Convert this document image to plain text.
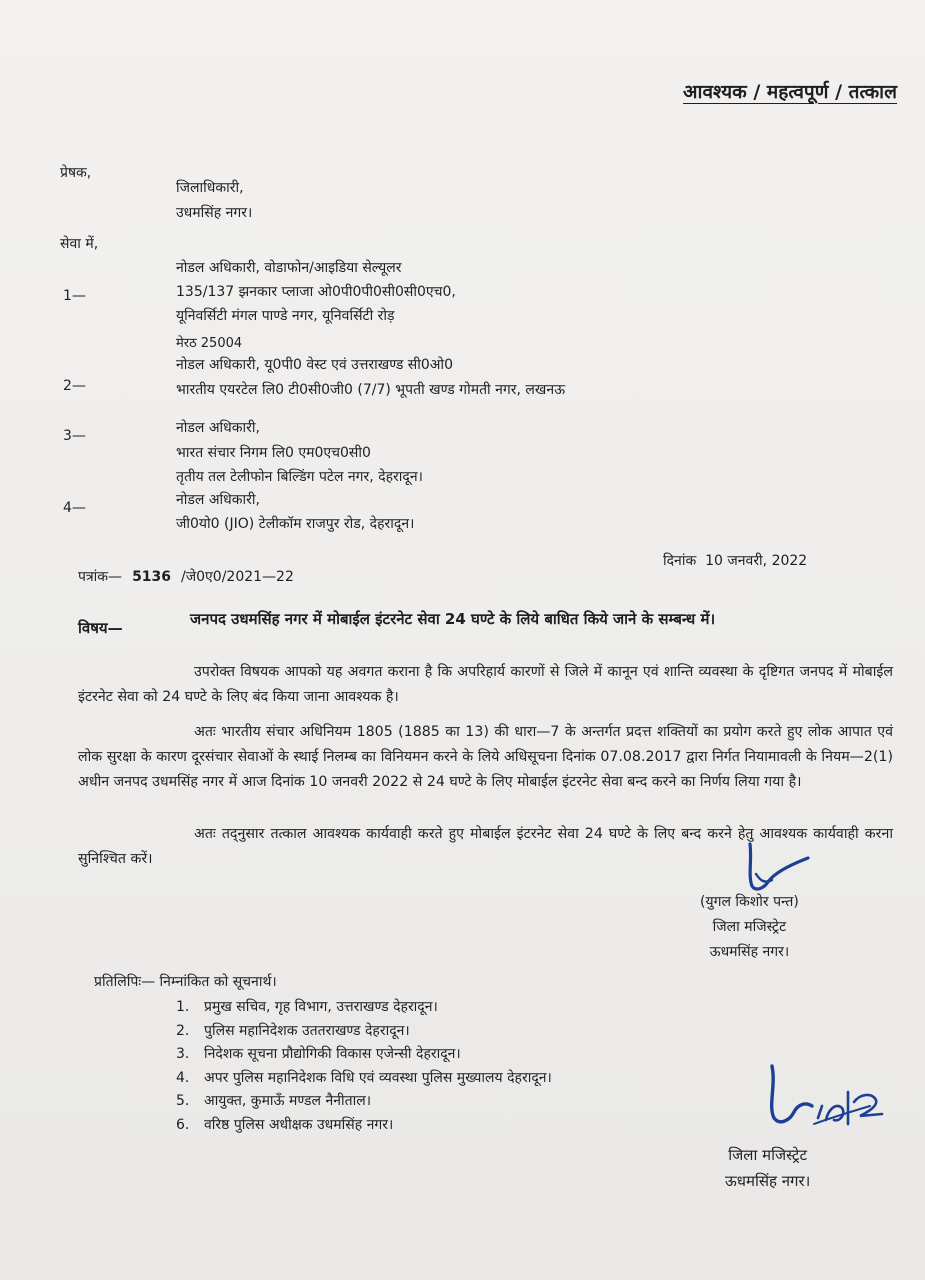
आवश्यक / महत्वपूर्ण / तत्काल
प्रेषक,
जिलाधिकारी,
उधमसिंह नगर।
सेवा में,
1—
नोडल अधिकारी, वोडाफोन/आइडिया सेल्यूलर
135/137 झनकार प्लाजा ओ0पी0पी0सी0सी0एच0,
यूनिवर्सिटी मंगल पाण्डे नगर, यूनिवर्सिटी रोड़
मेरठ 25004
2—
नोडल अधिकारी, यू0पी0 वेस्ट एवं उत्तराखण्ड सी0ओ0
भारतीय एयरटेल लि0 टी0सी0जी0 (7/7) भूपती खण्ड गोमती नगर, लखनऊ
3—	नोडल अधिकारी,
भारत संचार निगम लि0 एम0एच0सी0
तृतीय तल टेलीफोन बिल्डिंग पटेल नगर, देहरादून।
4—	नोडल अधिकारी,
जी0यो0 (JIO) टेलीकॉम राजपुर रोड, देहरादून।
पत्रांक— 5136 /जे0ए0/2021—22
दिनांक 10 जनवरी, 2022
विषय—	जनपद उधमसिंह नगर में मोबाईल इंटरनेट सेवा 24 घण्टे के लिये बाधित किये जाने के सम्बन्ध में।
उपरोक्त विषयक आपको यह अवगत कराना है कि अपरिहार्य कारणों से जिले में कानून एवं शान्ति व्यवस्था के दृष्टिगत जनपद में मोबाईल इंटरनेट सेवा को 24 घण्टे के लिए बंद किया जाना आवश्यक है।
अतः भारतीय संचार अधिनियम 1805 (1885 का 13) की धारा—7 के अन्तर्गत प्रदत्त शक्तियों का प्रयोग करते हुए लोक आपात एवं लोक सुरक्षा के कारण दूरसंचार सेवाओं के स्थाई निलम्ब का विनियमन करने के लिये अधिसूचना दिनांक 07.08.2017 द्वारा निर्गत नियामावली के नियम—2(1) अधीन जनपद उधमसिंह नगर में आज दिनांक 10 जनवरी 2022 से 24 घण्टे के लिए मोबाईल इंटरनेट सेवा बन्द करने का निर्णय लिया गया है।
अतः तद्नुसार तत्काल आवश्यक कार्यवाही करते हुए मोबाईल इंटरनेट सेवा 24 घण्टे के लिए बन्द करने हेतु आवश्यक कार्यवाही करना सुनिश्चित करें।
(युगल किशोर पन्त)
जिला मजिस्ट्रेट
ऊधमसिंह नगर।
प्रतिलिपिः— निम्नांकित को सूचनार्थ।
1. प्रमुख सचिव, गृह विभाग, उत्तराखण्ड देहरादून।
2. पुलिस महानिदेशक उततराखण्ड देहरादून।
3. निदेशक सूचना प्रौद्योगिकी विकास एजेन्सी देहरादून।
4. अपर पुलिस महानिदेशक विधि एवं व्यवस्था पुलिस मुख्यालय देहरादून।
5. आयुक्त, कुमाऊँ मण्डल नैनीताल।
6. वरिष्ठ पुलिस अधीक्षक उधमसिंह नगर।
जिला मजिस्ट्रेट
ऊधमसिंह नगर।
